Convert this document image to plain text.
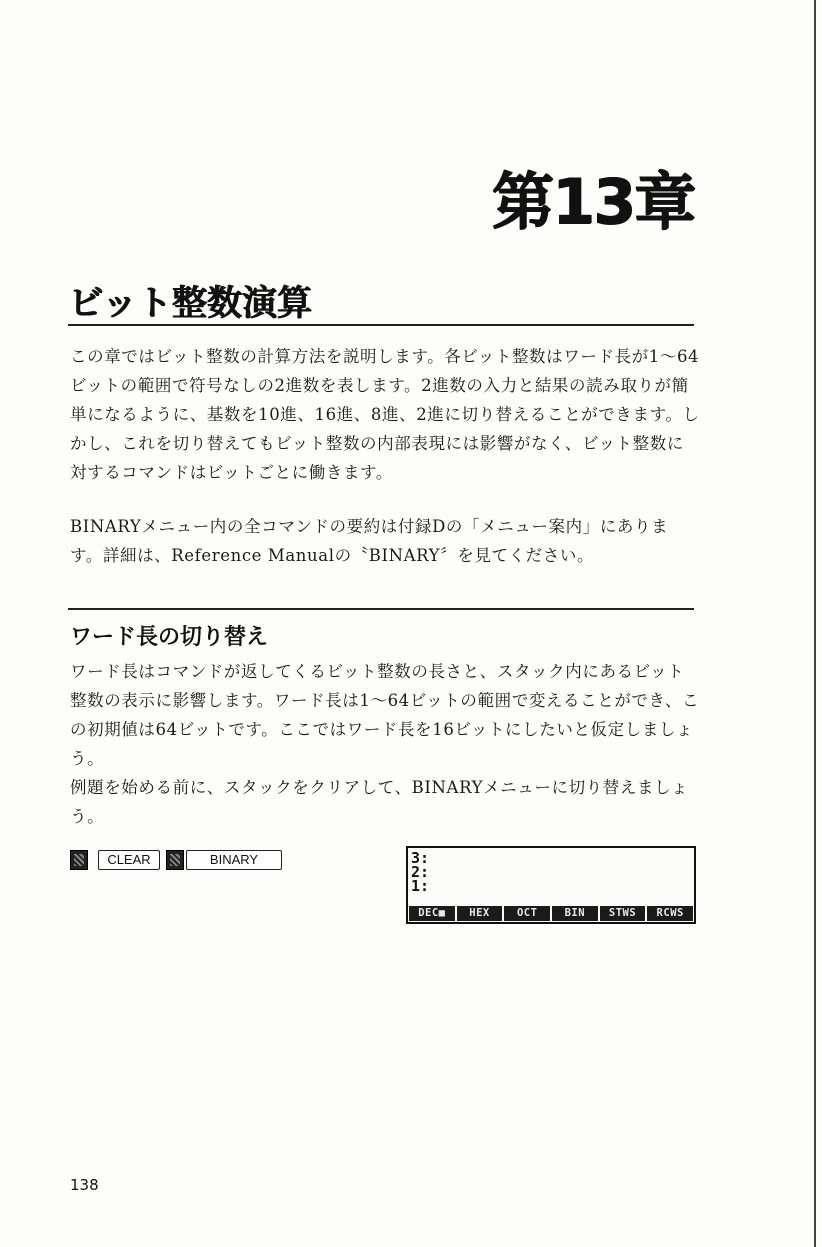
第13章
ビット整数演算

この章ではビット整数の計算方法を説明します。各ビット整数はワード長が1～64ビットの範囲で符号なしの2進数を表します。2進数の入力と結果の読み取りが簡単になるように、基数を10進、16進、8進、2進に切り替えることができます。しかし、これを切り替えてもビット整数の内部表現には影響がなく、ビット整数に対するコマンドはビットごとに働きます。

BINARYメニュー内の全コマンドの要約は付録Dの「メニュー案内」にあります。詳細は、Reference Manualの〝BINARY〞を見てください。

ワード長の切り替え

ワード長はコマンドが返してくるビット整数の長さと、スタック内にあるビット整数の表示に影響します。ワード長は1～64ビットの範囲で変えることができ、この初期値は64ビットです。ここではワード長を16ビットにしたいと仮定しましょう。
例題を始める前に、スタックをクリアして、BINARYメニューに切り替えましょう。

CLEAR	BINARY	3:
2:
1:
DEC■	HEX	OCT	BIN	STWS	RCWS
138
